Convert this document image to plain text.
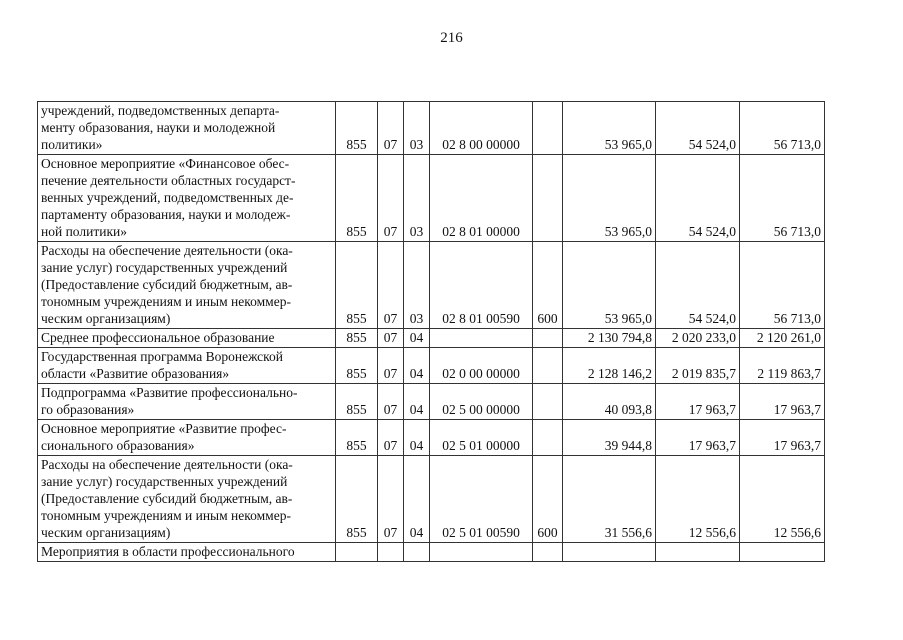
216
учреждений, подведомственных департа-
менту образования, науки и молодежной
политики»	855	07	03	02 8 00 00000		53 965,0	54 524,0	56 713,0
Основное мероприятие «Финансовое обес-
печение деятельности областных государст-
венных учреждений, подведомственных де-
партаменту образования, науки и молодеж-
ной политики»	855	07	03	02 8 01 00000		53 965,0	54 524,0	56 713,0
Расходы на обеспечение деятельности (ока-
зание услуг) государственных учреждений
(Предоставление субсидий бюджетным, ав-
тономным учреждениям и иным некоммер-
ческим организациям)	855	07	03	02 8 01 00590	600	53 965,0	54 524,0	56 713,0
Среднее профессиональное образование	855	07	04			2 130 794,8	2 020 233,0	2 120 261,0
Государственная программа Воронежской
области «Развитие образования»	855	07	04	02 0 00 00000		2 128 146,2	2 019 835,7	2 119 863,7
Подпрограмма «Развитие профессионально-
го образования»	855	07	04	02 5 00 00000		40 093,8	17 963,7	17 963,7
Основное мероприятие «Развитие профес-
сионального образования»	855	07	04	02 5 01 00000		39 944,8	17 963,7	17 963,7
Расходы на обеспечение деятельности (ока-
зание услуг) государственных учреждений
(Предоставление субсидий бюджетным, ав-
тономным учреждениям и иным некоммер-
ческим организациям)	855	07	04	02 5 01 00590	600	31 556,6	12 556,6	12 556,6
Мероприятия в области профессионального								
